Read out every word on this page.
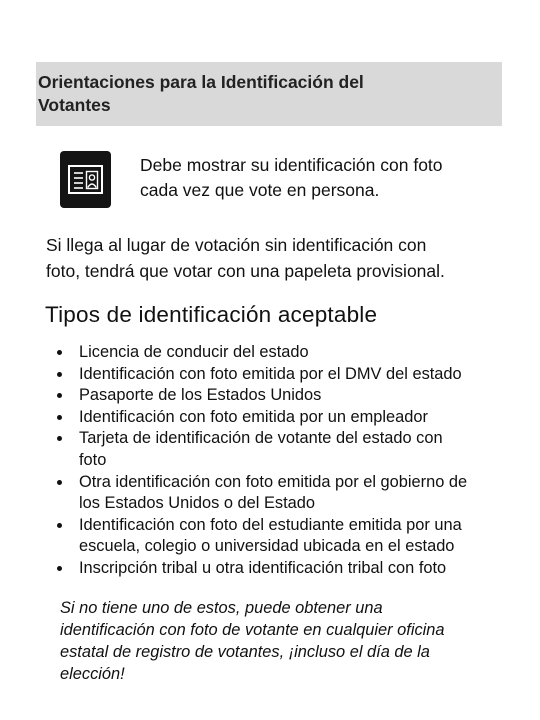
Orientaciones para la Identificación del
Votantes
Debe mostrar su identificación con foto
cada vez que vote en persona.
Si llega al lugar de votación sin identificación con
foto, tendrá que votar con una papeleta provisional.
Tipos de identificación aceptable
Licencia de conducir del estado
Identificación con foto emitida por el DMV del estado
Pasaporte de los Estados Unidos
Identificación con foto emitida por un empleador
Tarjeta de identificación de votante del estado con
foto
Otra identificación con foto emitida por el gobierno de
los Estados Unidos o del Estado
Identificación con foto del estudiante emitida por una
escuela, colegio o universidad ubicada en el estado
Inscripción tribal u otra identificación tribal con foto
Si no tiene uno de estos, puede obtener una
identificación con foto de votante en cualquier oficina
estatal de registro de votantes, ¡incluso el día de la
elección!
